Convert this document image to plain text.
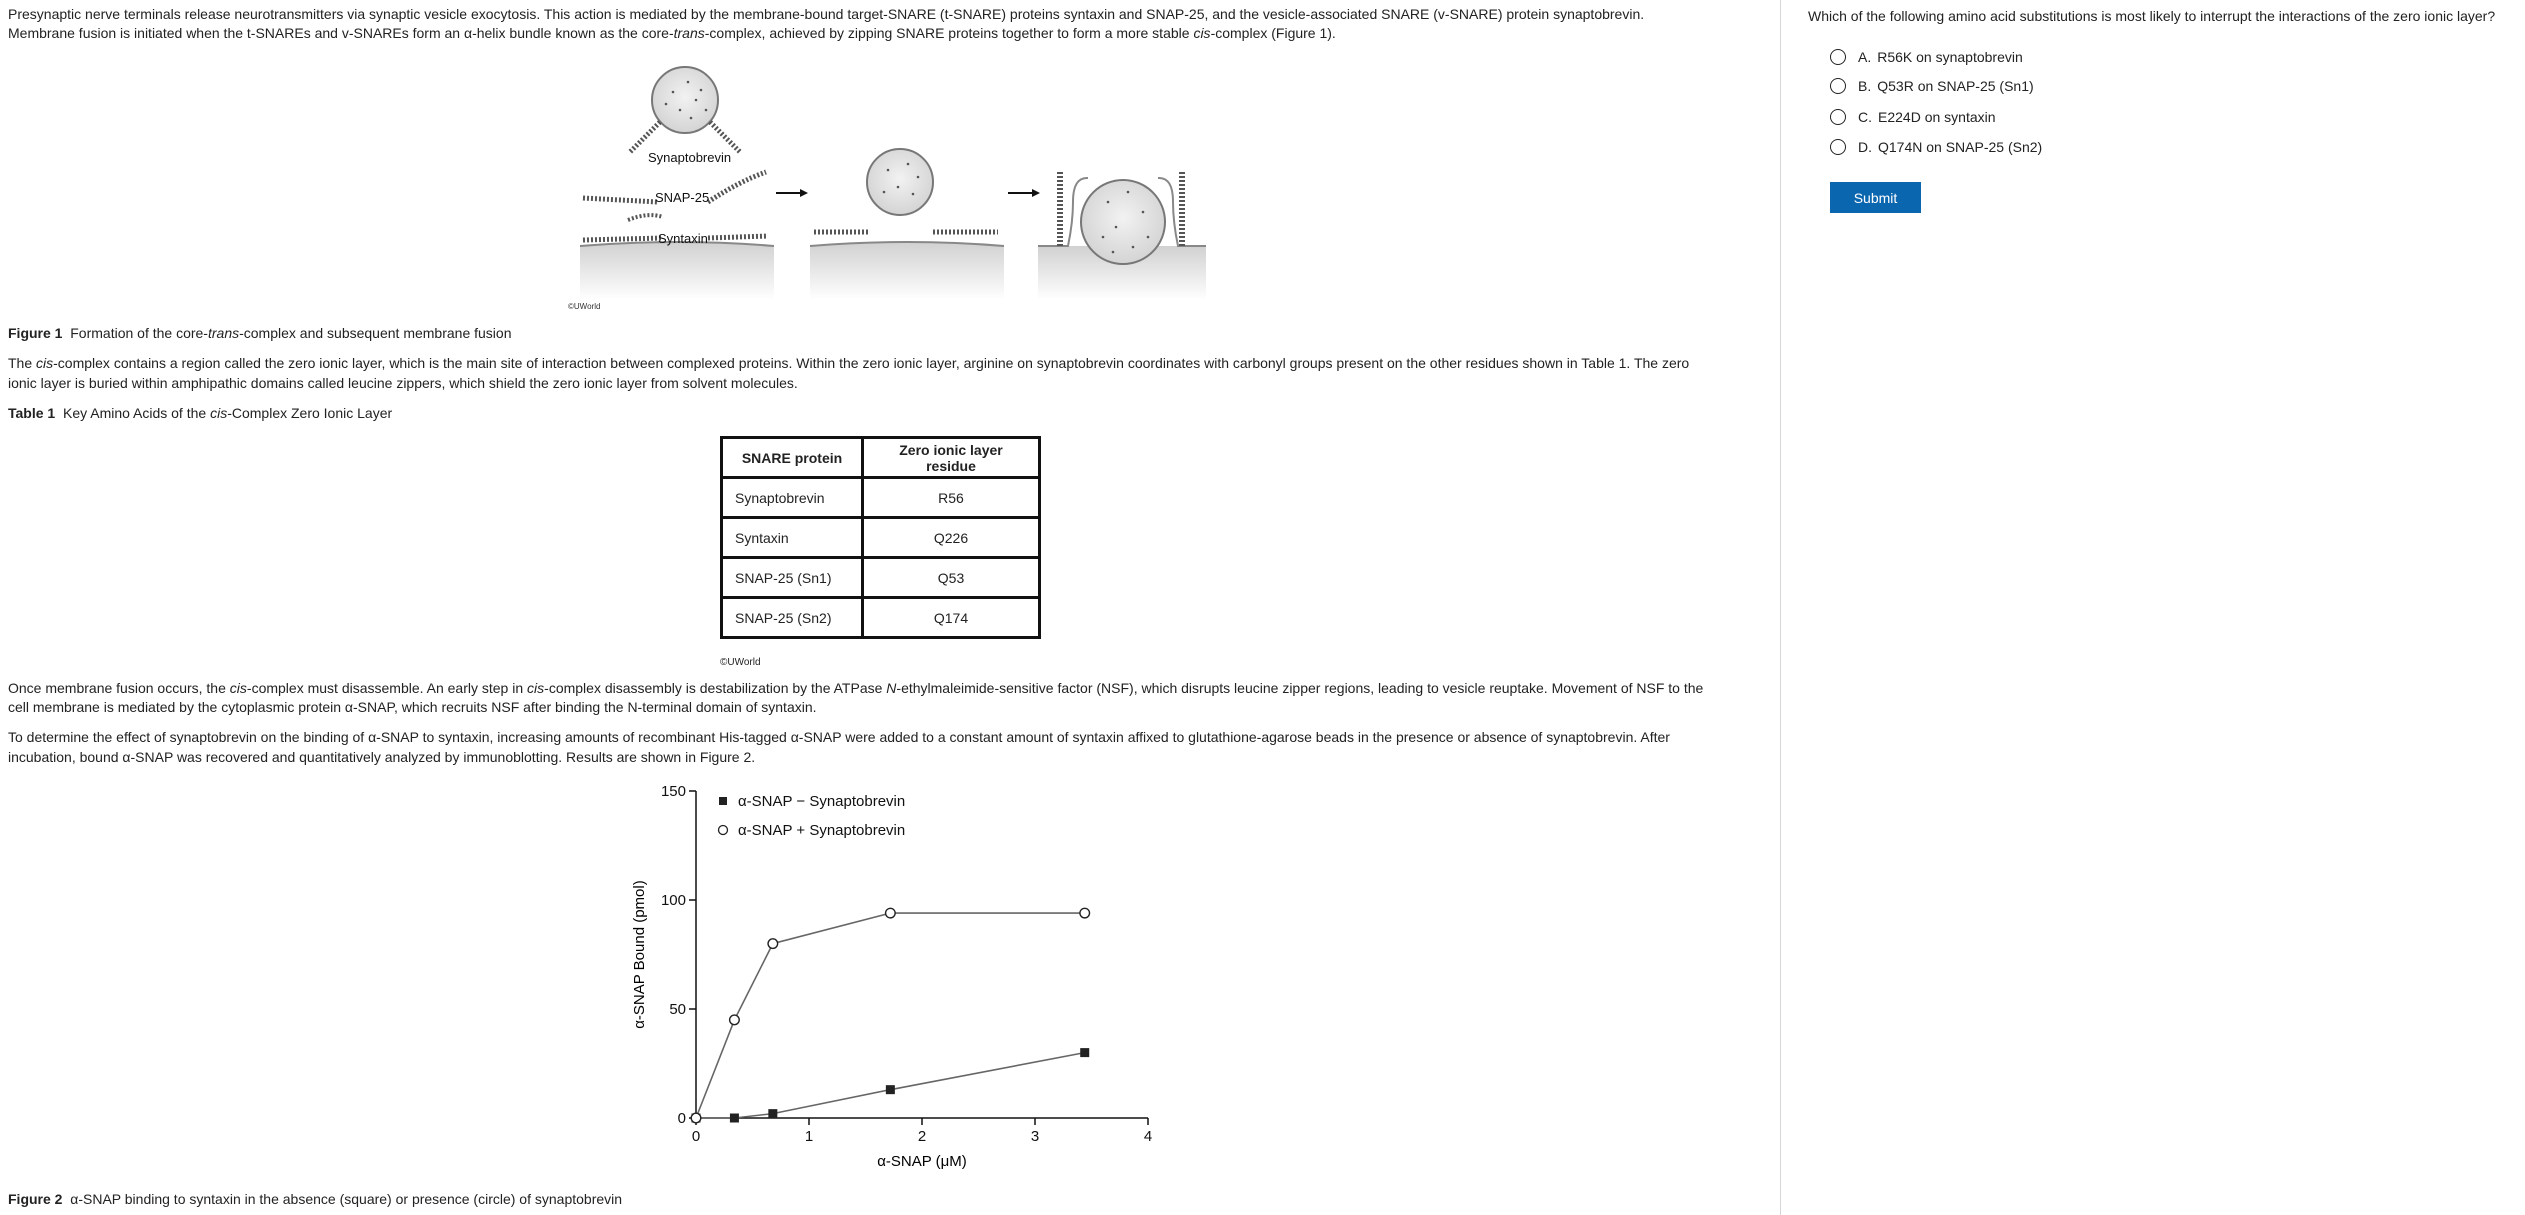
Presynaptic nerve terminals release neurotransmitters via synaptic vesicle exocytosis. This action is mediated by the membrane-bound target-SNARE (t-SNARE) proteins syntaxin and SNAP-25, and the vesicle-associated SNARE (v-SNARE) protein synaptobrevin.

Membrane fusion is initiated when the t-SNAREs and v-SNAREs form an α-helix bundle known as the core-trans-complex, achieved by zipping SNARE proteins together to form a more stable cis-complex (Figure 1).

Synaptobrevin
SNAP-25
Syntaxin
©UWorld

Figure 1 Formation of the core-trans-complex and subsequent membrane fusion

The cis-complex contains a region called the zero ionic layer, which is the main site of interaction between complexed proteins. Within the zero ionic layer, arginine on synaptobrevin coordinates with carbonyl groups present on the other residues shown in Table 1. The zero

ionic layer is buried within amphipathic domains called leucine zippers, which shield the zero ionic layer from solvent molecules.

Table 1 Key Amino Acids of the cis-Complex Zero Ionic Layer

SNARE protein	Zero ionic layer residue
Synaptobrevin	R56
Syntaxin	Q226
SNAP-25 (Sn1)	Q53
SNAP-25 (Sn2)	Q174
©UWorld

Once membrane fusion occurs, the cis-complex must disassemble. An early step in cis-complex disassembly is destabilization by the ATPase N-ethylmaleimide-sensitive factor (NSF), which disrupts leucine zipper regions, leading to vesicle reuptake. Movement of NSF to the

cell membrane is mediated by the cytoplasmic protein α-SNAP, which recruits NSF after binding the N-terminal domain of syntaxin.

To determine the effect of synaptobrevin on the binding of α-SNAP to syntaxin, increasing amounts of recombinant His-tagged α-SNAP were added to a constant amount of syntaxin affixed to glutathione-agarose beads in the presence or absence of synaptobrevin. After

incubation, bound α-SNAP was recovered and quantitatively analyzed by immunoblotting. Results are shown in Figure 2.

0	1	2	3	4
0
50
100
150
α-SNAP − Synaptobrevin
α-SNAP + Synaptobrevin
α-SNAP (μM)
α-SNAP Bound (pmol)

Figure 2 α-SNAP binding to syntaxin in the absence (square) or presence (circle) of synaptobrevin

Which of the following amino acid substitutions is most likely to interrupt the interactions of the zero ionic layer?
A. R56K on synaptobrevin
B. Q53R on SNAP-25 (Sn1)
C. E224D on syntaxin
D. Q174N on SNAP-25 (Sn2)
Submit
